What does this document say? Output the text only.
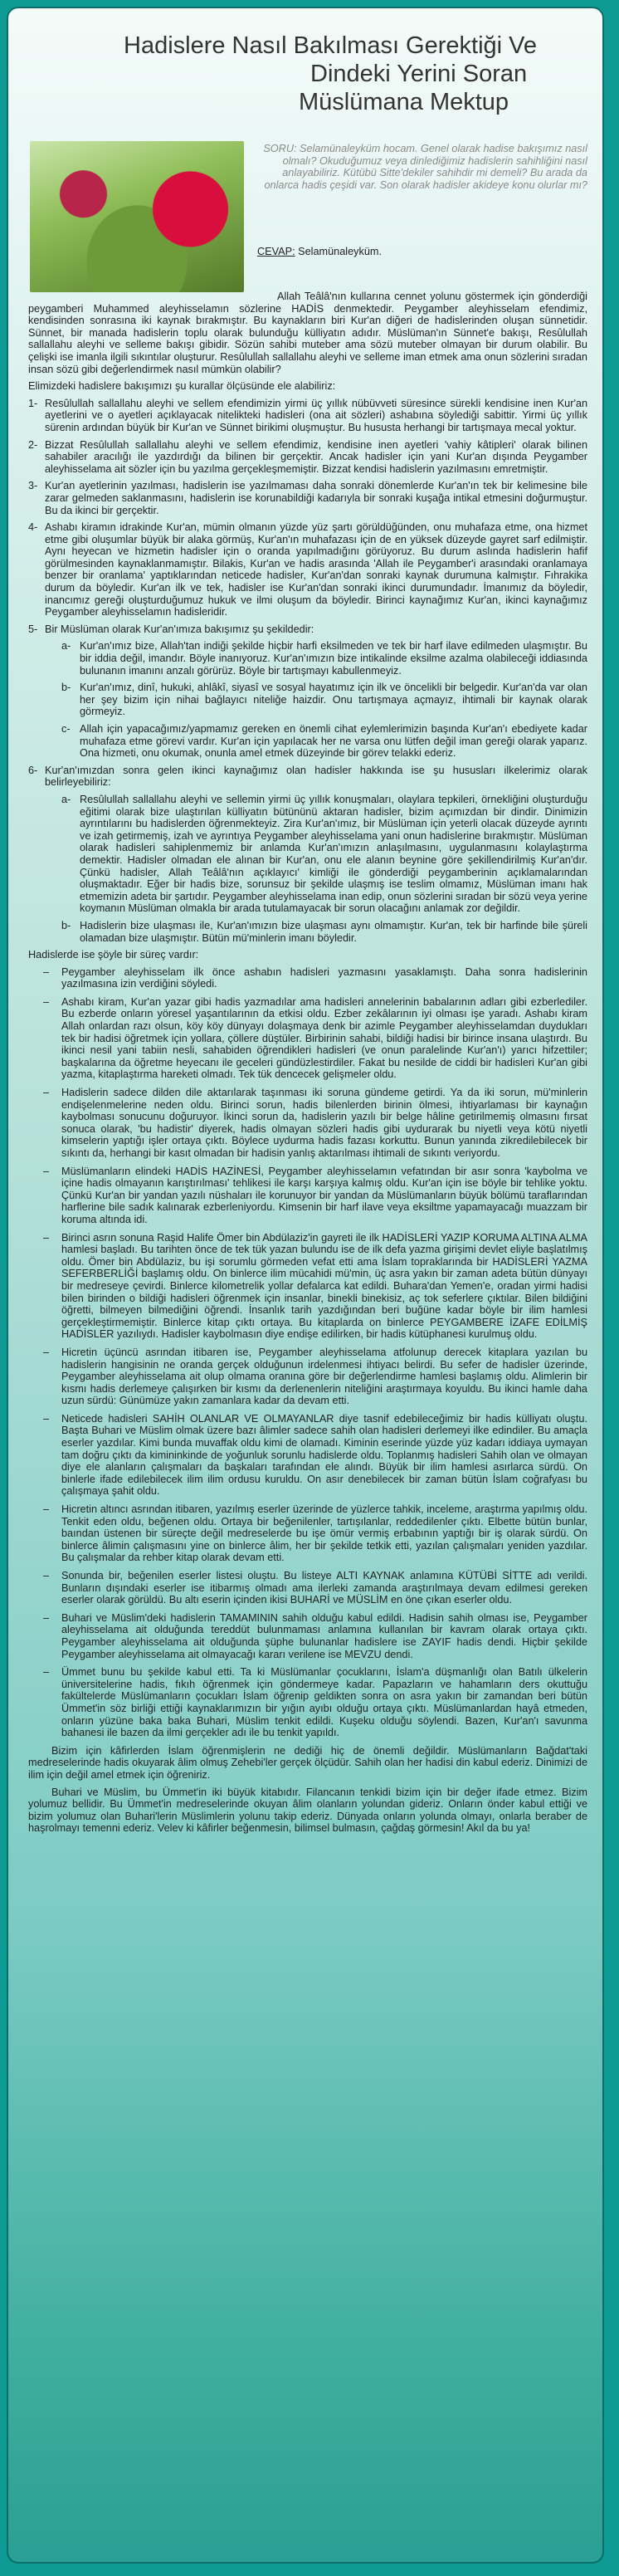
Hadislere Nasıl Bakılması Gerektiği Ve
Dindeki Yerini Soran
Müslümana Mektup
SORU: Selamünaleyküm hocam. Genel olarak hadise bakışımız nasıl olmalı? Okuduğumuz veya dinlediğimiz hadislerin sahihliğini nasıl anlayabiliriz. Kütübü Sitte'dekiler sahihdir mi demeli? Bu arada da onlarca hadis çeşidi var. Son olarak hadisler akideye konu olurlar mı?
CEVAP: Selamünaleyküm.

Allah Teâlâ'nın kullarına cennet yolunu göstermek için gönderdiği peygamberi Muhammed aleyhisselamın sözlerine HADİS denmektedir. Peygamber aleyhisselam efendimiz, kendisinden sonrasına iki kaynak bırakmıştır. Bu kaynakların biri Kur'an diğeri de hadislerinden oluşan sünnetidir. Sünnet, bir manada hadislerin toplu olarak bulunduğu külliyatın adıdır. Müslüman'ın Sünnet'e bakışı, Resûlullah sallallahu aleyhi ve sellemе bakışı gibidir. Sözün sahibi muteber ama sözü muteber olmayan bir durum olabilir. Bu çelişki ise imanla ilgili sıkıntılar oluşturur. Resûlullah sallallahu aleyhi ve selleme iman etmek ama onun sözlerini sıradan insan sözü gibi değerlendirmek nasıl mümkün olabilir?

Elimizdeki hadislere bakışımızı şu kurallar ölçüsünde ele alabiliriz:

1- Resûlullah sallallahu aleyhi ve sellem efendimizin yirmi üç yıllık nübüvveti süresince sürekli kendisine inen Kur'an ayetlerini ve o ayetleri açıklayacak niteliktеki hadisleri (ona ait sözleri) ashabına söylediği sabittir. Yirmi üç yıllık sürenin ardından büyük bir Kur'an ve Sünnet birikimi oluşmuştur. Bu hususta herhangi bir tartışmaya mecal yoktur.
2- Bizzat Resûlullah sallallahu aleyhi ve sellem efendimiz, kendisine inen ayetleri 'vahiy kâtipleri' olarak bilinen sahabiler aracılığı ile yazdırdığı da bilinen bir gerçektir. Ancak hadisler için yani Kur'an dışında Peygamber aleyhisselama ait sözler için bu yazılma gerçekleşmemiştir. Bizzat kendisi hadislerin yazılmasını emretmiştir.
3- Kur'an ayetlerinin yazılması, hadislerin ise yazılmaması daha sonraki dönemlerde Kur'an'ın tek bir kelimesine bile zarar gelmeden saklanmasını, hadislerin ise korunabildiği kadarıyla bir sonraki kuşağa intikal etmesini doğurmuştur. Bu da ikinci bir gerçektir.
4- Ashabı kiramın idrakinde Kur'an, mümin olmanın yüzde yüz şartı görüldüğünden, onu muhafaza etme, ona hizmet etme gibi oluşumlar büyük bir alaka görmüş, Kur'an'ın muhafazası için de en yüksek düzeyde gayret sarf edilmiştir. Aynı heyecan ve hizmetin hadisler için o oranda yapılmadığını görüyoruz. Bu durum aslında hadislerin hafif görülmesinden kaynaklanmamıştır. Bilakis, Kur'an ve hadis arasında 'Allah ile Peygamber'i arasındaki oranlamaya benzer bir oranlama' yaptıklarından neticede hadisler, Kur'an'dan sonraki kaynak durumuna kalmıştır. Fıhrakika durum da böyledir. Kur'an ilk ve tek, hadisler ise Kur'an'dan sonraki ikinci durumundadır. İmanımız da böyledir, inancımız gereği oluşturduğumuz hukuk ve ilmi oluşum da böyledir. Birinci kaynağımız Kur'an, ikinci kaynağımız Peygamber aleyhisselamın hadisleridir.
5- Bir Müslüman olarak Kur'an'ımıza bakışımız şu şekildedir:
a- Kur'an'ımız bize, Allah'tan indiği şekilde hiçbir harfi eksilmeden ve tek bir harf ilave edilmeden ulaşmıştır. Bu bir iddia değil, imandır. Böyle inanıyoruz. Kur'an'ımızın bize intikalinde eksilme azalma olabileceği iddiasında bulunanın imanını anzalı görürüz. Böyle bir tartışmayı kabullenmeyiz.
b- Kur'an'ımız, dinî, hukuki, ahlâkî, siyasî ve sosyal hayatımız için ilk ve öncelikli bir belgedir. Kur'an'da var olan her şey bizim için nihai bağlayıcı niteliğe haizdir. Onu tartışmaya açmayız, ihtimali bir kaynak olarak görmeyiz.
c- Allah için yapacağımız/yapmamız gereken en önemli cihat eylemlerimizin başında Kur'an'ı ebediyete kadar muhafaza etme görevi vardır. Kur'an için yapılacak her ne varsa onu lütfen değil iman gereği olarak yaparız. Ona hizmeti, onu okumak, onunla amel etmek düzeyinde bir görev telakki ederiz.
6- Kur'an'ımızdan sonra gelen ikinci kaynağımız olan hadisler hakkında ise şu hususları ilkelerimiz olarak belirleyebiliriz:
a- Resûlullah sallallahu aleyhi ve sellemin yirmi üç yıllık konuşmaları, olaylara tepkileri, örnekliğini oluşturduğu eğitimi olarak bize ulaştırılan külliyatın bütününü aktaran hadisler, bizim açımızdan bir dindir. Dinimizin ayrıntılarını bu hadislerden öğrenmekteyiz. Zira Kur'an'ımız, bir Müslüman için yeterli olacak düzeyde ayrıntı ve izah getirmemiş, izah ve ayrıntıya Peygamber aleyhisselama yani onun hadislerine bırakmıştır. Müslüman olarak hadisleri sahiplenmemiz bir anlamda Kur'an'ımızın anlaşılmasını, uygulanmasını kolaylaştırma demektir. Hadisler olmadan ele alınan bir Kur'an, onu ele alanın beynine göre şekillendirilmiş Kur'an'dır. Çünkü hadisler, Allah Teâlâ'nın açıklayıcı' kimliği ile gönderdiği peygamberinin açıklamalarından oluşmaktadır. Eğer bir hadis bize, sorunsuz bir şekilde ulaşmış ise teslim olmamız, Müslüman imanı hak etmemizin adeta bir şartıdır. Peygamber aleyhisselama inan edip, onun sözlerini sıradan bir sözü veya yerine koymanın Müslüman olmakla bir arada tutulamayacak bir sorun olacağını anlamak zor değildir.
b- Hadislerin bize ulaşması ile, Kur'an'ımızın bize ulaşması aynı olmamıştır. Kur'an, tek bir harfinde bile şüreli olamadan bize ulaşmıştır. Bütün mü'minlerin imanı böyledir.

Hadislerde ise şöyle bir süreç vardır:

–	Peygamber aleyhisselam ilk önce ashabın hadisleri yazmasını yasaklamıştı. Daha sonra hadislerinin yazılmasına izin verdiğini söyledi.
–	Ashabı kiram, Kur'an yazar gibi hadis yazmadılar ama hadisleri annelerinin babalarının adları gibi ezberlediler. Bu ezberde onların yöresel yaşantılarının da etkisi oldu. Ezber zekâlarının iyi olması işe yaradı. Ashabı kiram Allah onlardan razı olsun, köy köy dünyayı dolaşmaya denk bir azimle Peygamber aleyhisselamdan duydukları tek bir hadisi öğretmek için yollara, çöllere düştüler. Birbirinin sahabi, bildiği hadisi bir birince insana ulaştırdı. Bu ikinci nesil yani tabiin nesli, sahabiden öğrendikleri hadisleri (ve onun paralelinde Kur'an'ı) yarıcı hifzettiler; başkalarına da öğretme heyecanı ile geceleri gündüzlestirdiler. Fakat bu nesilde de ciddi bir hadisleri Kur'an gibi yazma, kitaplaştırma hareketi olmadı. Tek tük dencecek gelişmeler oldu.
–	Hadislerin sadece dilden dile aktarılarak taşınması iki soruna gündeme getirdi. Ya da iki sorun, mü'minlerin endişelenmelerine neden oldu. Birinci sorun, hadis bilenlerden birinin ölmesi, ihtiyarlaması bir kaynağın kaybolması sonucunu doğuruyor. İkinci sorun da, hadislerin yazılı bir belge hâline getirilmemiş olmasını fırsat sonuca olarak, 'bu hadistir' diyerek, hadis olmayan sözleri hadis gibi uydurarak bu niyetli veya kötü niyetli kimselerin yaptığı işler ortaya çıktı. Böylece uydurma hadis fazası korkuttu. Bunun yanında zikredilebilecek bir sıkıntı da, herhangi bir kasıt olmadan bir hadisin yanlış aktarılması ihtimali de sıkıntı veriyordu.
–	Müslümanların elindeki HADİS HAZİNESİ, Peygamber aleyhisselamın vefatından bir asır sonra 'kaybolma ve içine hadis olmayanın karıştırılması' tehlikesi ile karşı karşıya kalmış oldu. Kur'an için ise böyle bir tehlike yoktu. Çünkü Kur'an bir yandan yazılı nüshaları ile korunuyor bir yandan da Müslümanların büyük bölümü taraflarından harflerine bile sadık kalınarak ezberleniyordu. Kimsenin bir harf ilave veya eksiltme yapamayacağı muazzam bir koruma altında idi.
–	Birinci asrın sonuna Raşid Halife Ömer bin Abdülaziz'in gayreti ile ilk HADİSLERİ YAZIP KORUMA ALTINA ALMA hamlesi başladı. Bu tarihten önce de tek tük yazan bulundu ise de ilk defa yazma girişimi devlet eliyle başlatılmış oldu. Ömer bin Abdülaziz, bu işi sorumlu görmeden vefat etti ama İslam topraklarında bir HADİSLERİ YAZMA SEFERBERLİĞİ başlamış oldu. On binlerce ilim mücahidi mü'min, üç asra yakın bir zaman adeta bütün dünyayı bir medreseye çevirdi. Binlerce kilometrelik yollar defalarca kat edildi. Buhara'dan Yemen'e, oradan yirmi hadisi bilen birinden o bildiği hadisleri öğrenmek için insanlar, binekli binekisiz, aç tok seferlere çıktılar. Bilen bildiğini öğretti, bilmeyen bilmediğini öğrendi. İnsanlık tarih yazdığından beri buğüne kadar böyle bir ilim hamlesi gerçekleştirmemiştir. Binlerce kitap çıktı ortaya. Bu kitaplarda on binlerce PEYGAMBERE İZAFE EDİLMİŞ HADİSLER yazılıydı. Hadisler kaybolmasın diye endişe edilirken, bir hadis kütüphanesi kurulmuş oldu.
–	Hicretin üçüncü asrından itibaren ise, Peygamber aleyhisselama atfolunup derecek kitaplara yazılan bu hadislerin hangisinin ne oranda gerçek olduğunun irdelenmesi ihtiyacı belirdi. Bu sefer de hadisler üzerinde, Peygamber aleyhisselama ait olup olmama oranına göre bir değerlendirme hamlesi başlamış oldu. Alimlerin bir kısmı hadis derlemeye çalışırken bir kısmı da derlenenlerin niteliğini araştırmaya koyuldu. Bu ikinci hamle daha uzun sürdü: Günümüze yakın zamanlara kadar da devam etti.
–	Neticede hadisleri SAHİH OLANLAR VE OLMAYANLAR diye tasnif edebileceğimiz bir hadis külliyatı oluştu. Başta Buhari ve Müslim olmak üzere bazı âlimler sadece sahih olan hadisleri derlemeyi ilke edindiler. Bu amaçla eserler yazdılar. Kimi bunda muvaffak oldu kimi de olamadı. Kiminin eserinde yüzde yüz kadarı iddiaya uymayan tam doğru çıktı da kimininkinde de yoğunluk sorunlu hadislerde oldu. Toplanmış hadisleri Sahih olan ve olmayan diye ele alanların çalışmaları da başkaları tarafından ele alındı. Büyük bir ilim hamlesi asırlarca sürdü. On binlerle ifade edilebilecek ilim ilim ordusu kuruldu. On asır denebilecek bir zaman bütün İslam coğrafyası bu çalışmaya şahit oldu.
–	Hicretin altıncı asrından itibaren, yazılmış eserler üzerinde de yüzlerce tahkik, inceleme, araştırma yapılmış oldu. Tenkit eden oldu, beğenen oldu. Ortaya bir beğenilenler, tartışılanlar, reddedilenler çıktı. Elbette bütün bunlar, baından üstenen bir süreçte değil medreselerde bu işe ömür vermiş erbabının yaptığı bir iş olarak sürdü. On binlerce âlimin çalışmasını yine on binlerce âlim, her bir şekilde tetkik etti, yazılan çalışmaları yeniden yazdılar. Bu çalışmalar da rehber kitap olarak devam etti.
–	Sonunda bir, beğenilen eserler listesi oluştu. Bu listeye ALTI KAYNAK anlamına KÜTÜBİ SİTTE adı verildi. Bunların dışındaki eserler ise itibarmış olmadı ama ilerleki zamanda araştırılmaya devam edilmesi gereken eserler olarak görüldü. Bu altı eserin içinden ikisi BUHARİ ve MÜSLİM en öne çıkan eserler oldu.
–	Buhari ve Müslim'deki hadislerin TAMAMININ sahih olduğu kabul edildi. Hadisin sahih olması ise, Peygamber aleyhisselama ait olduğunda tereddüt bulunmaması anlamına kullanılan bir kavram olarak ortaya çıktı. Peygamber aleyhisselama ait olduğunda şüphe bulunanlar hadislere ise ZAYIF hadis dendi. Hiçbir şekilde Peygamber aleyhisselama ait olmayacağı kararı verilene ise MEVZU dendi.
–	Ümmet bunu bu şekilde kabul etti. Ta ki Müslümanlar çocuklarını, İslam'a düşmanlığı olan Batılı ülkelerin üniversitelerine hadis, fıkıh öğrenmek için göndermeye kadar. Papazların ve hahamların ders okuttuğu fakültelerde Müslümanların çocukları İslam öğrenip geldikten sonra on asra yakın bir zamandan beri bütün Ümmet'in söz birliği ettiği kaynaklarımızın bir yığın ayıbı olduğu ortaya çıktı. Müslümanlardan hayâ etmeden, onların yüzüne baka baka Buhari, Müslim tenkit edildi. Kuşeku olduğu söylendi. Bazen, Kur'an'ı savunma bahanesi ile bazen da ilmi gerçekler adı ile bu tenkit yapıldı.

Bizim için kâfirlerden İslam öğrenmişlerin ne dediği hiç de önemli değildir. Müslümanların Bağdat'taki medreselerinde hadis okuyarak âlim olmuş Zehebi'ler gerçek ölçüdür. Sahih olan her hadisi din kabul ederiz. Dinimizi de ilim için değil amel etmek için öğreniriz.

Buhari ve Müslim, bu Ümmet'in iki büyük kitabıdır. Filancanın tenkidi bizim için bir değer ifade etmez. Bizim yolumuz bellidir. Bu Ümmet'in medreselerinde okuyan âlim olanların yolundan gideriz. Onların önder kabul ettiği ve bizim yolumuz olan Buhari'lerin Müslimlerin yolunu takip ederiz. Dünyada onların yolunda olmayı, onlarla beraber de haşrolmayı temenni ederiz. Velev ki kâfirler beğenmesin, bilimsel bulmasın, çağdaş görmesin! Akıl da bu ya!
